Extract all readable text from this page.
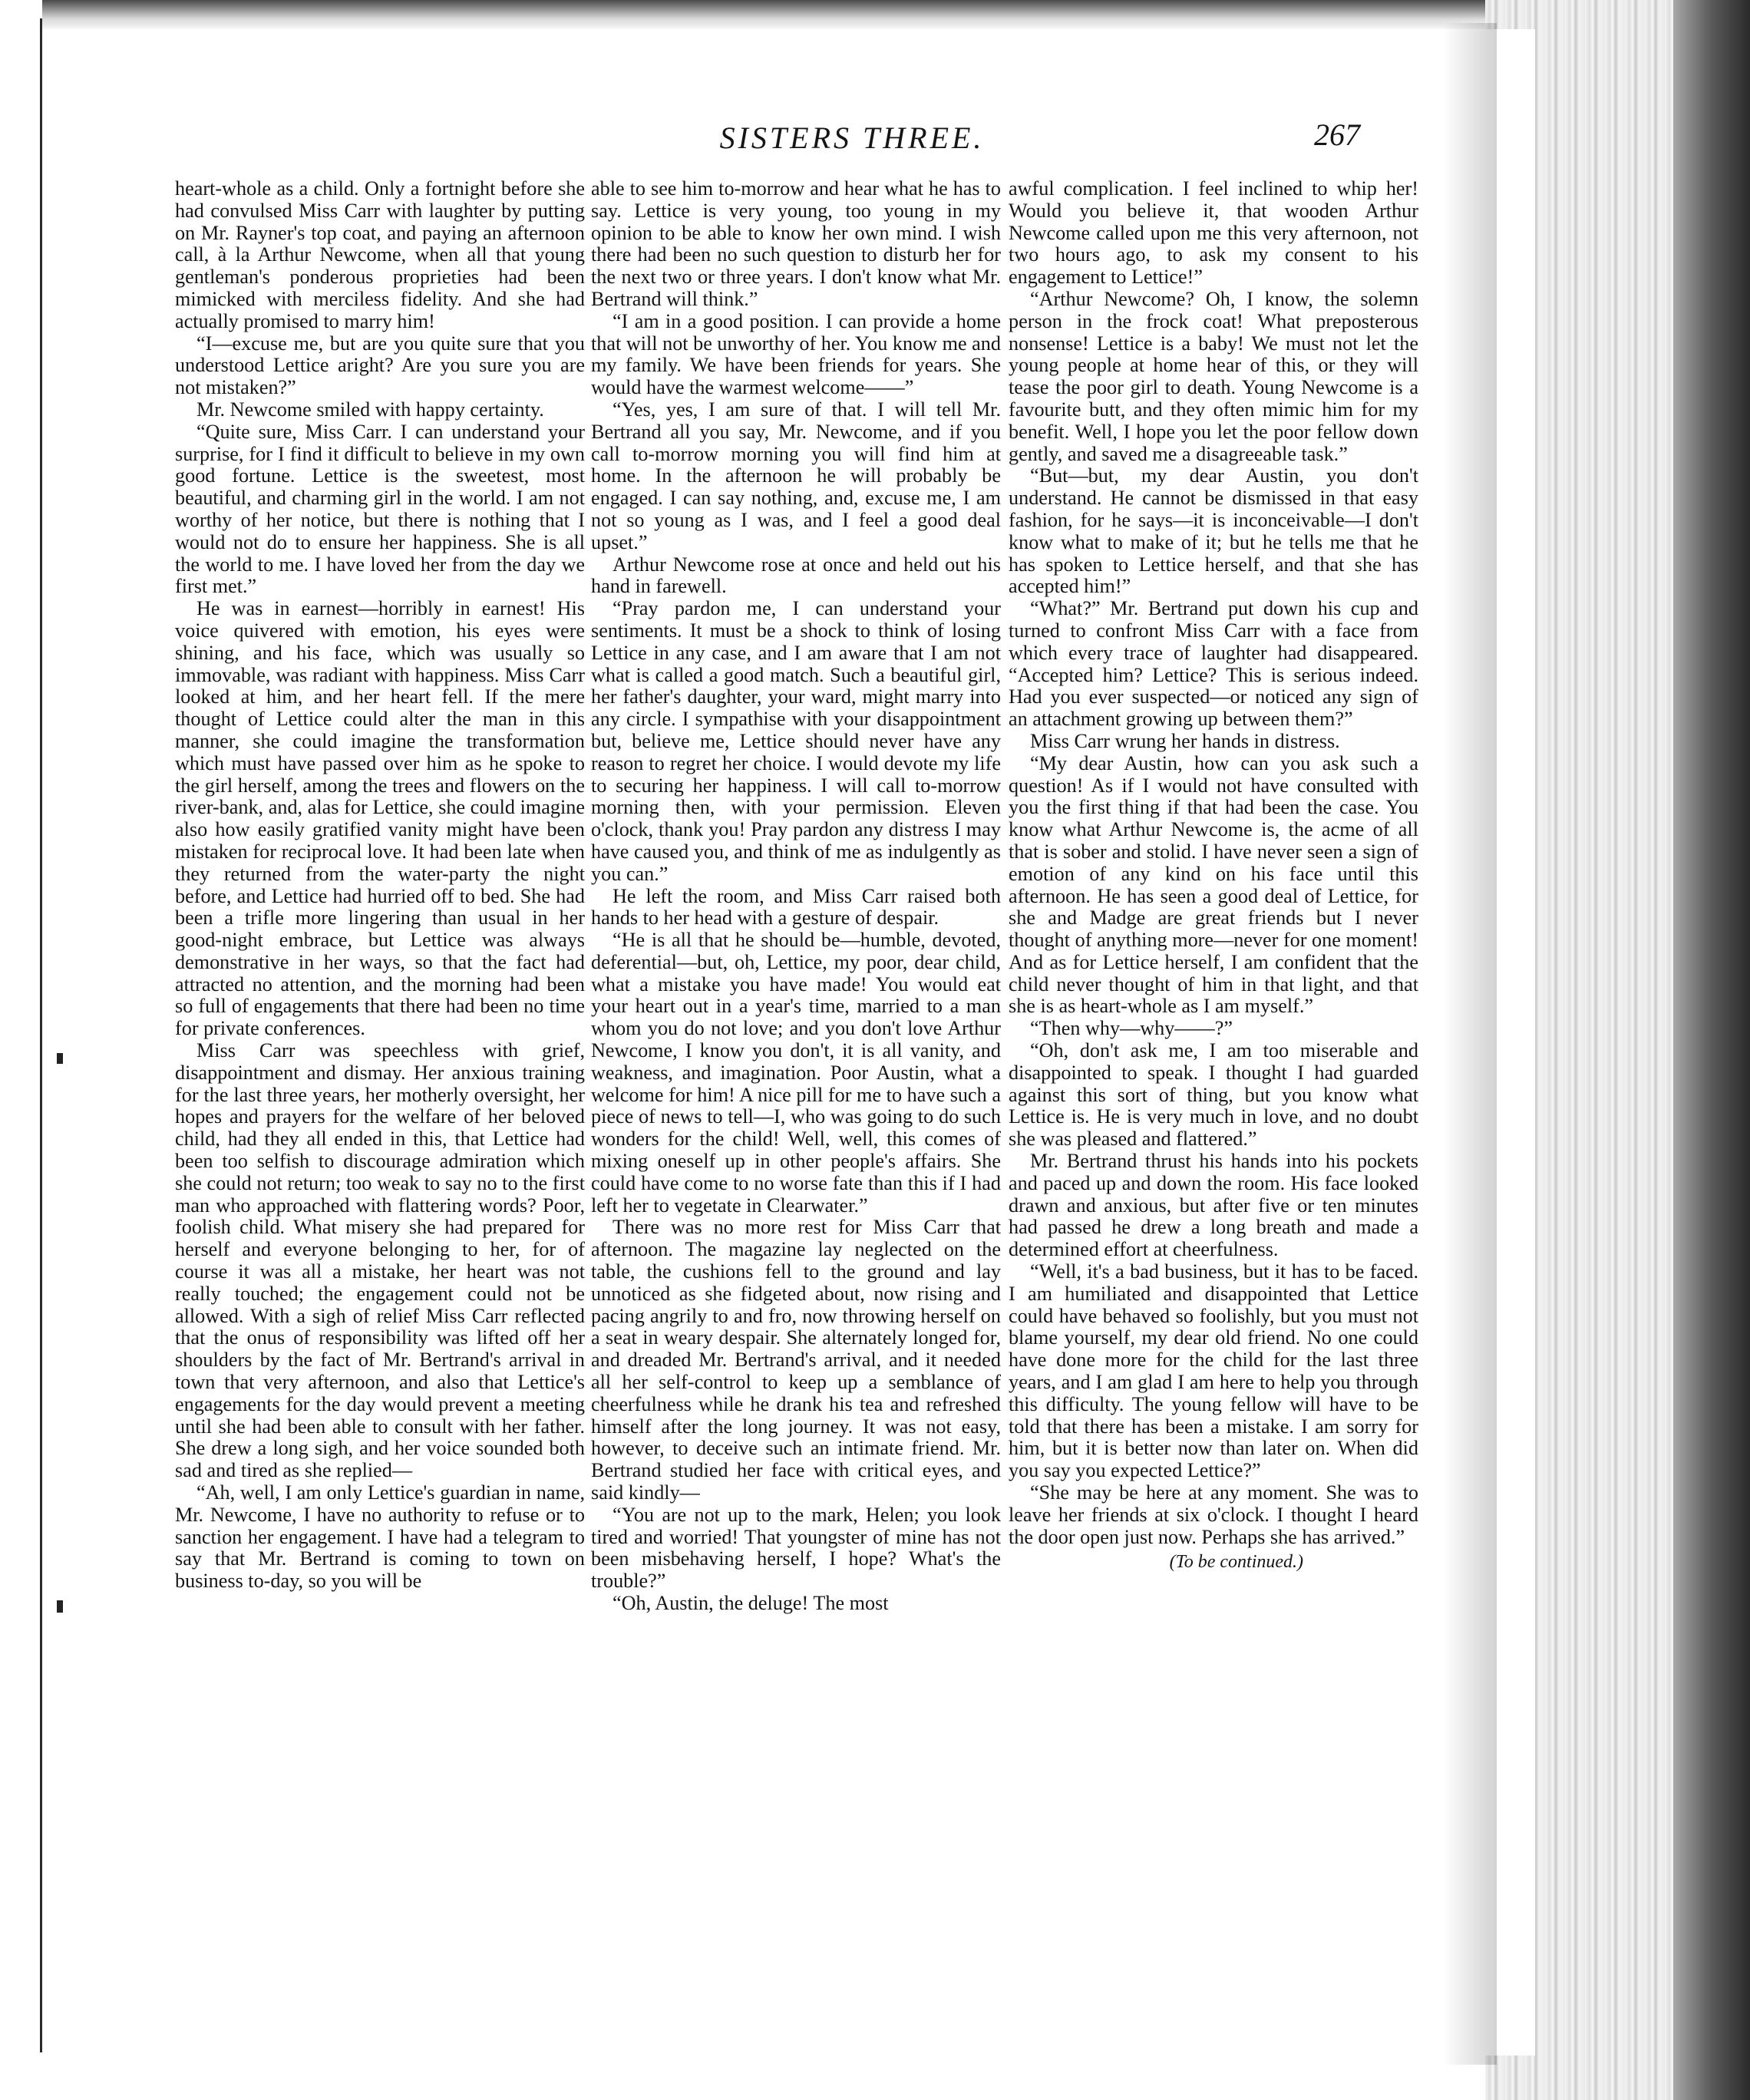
SISTERS THREE.	267

heart-whole as a child. Only a fortnight before she had convulsed Miss Carr with laughter by putting on Mr. Rayner's top coat, and paying an afternoon call, à la Arthur Newcome, when all that young gentleman's ponderous proprieties had been mimicked with merciless fidelity. And she had actually promised to marry him!

“I—excuse me, but are you quite sure that you understood Lettice aright? Are you sure you are not mistaken?”

Mr. Newcome smiled with happy certainty.

“Quite sure, Miss Carr. I can understand your surprise, for I find it difficult to believe in my own good fortune. Lettice is the sweetest, most beautiful, and charming girl in the world. I am not worthy of her notice, but there is nothing that I would not do to ensure her happiness. She is all the world to me. I have loved her from the day we first met.”

He was in earnest—horribly in earnest! His voice quivered with emotion, his eyes were shining, and his face, which was usually so immovable, was radiant with happiness. Miss Carr looked at him, and her heart fell. If the mere thought of Lettice could alter the man in this manner, she could imagine the transformation which must have passed over him as he spoke to the girl herself, among the trees and flowers on the river-bank, and, alas for Lettice, she could imagine also how easily gratified vanity might have been mistaken for reciprocal love. It had been late when they returned from the water-party the night before, and Lettice had hurried off to bed. She had been a trifle more lingering than usual in her good-night embrace, but Lettice was always demonstrative in her ways, so that the fact had attracted no attention, and the morning had been so full of engagements that there had been no time for private conferences.

Miss Carr was speechless with grief, disappointment and dismay. Her anxious training for the last three years, her motherly oversight, her hopes and prayers for the welfare of her beloved child, had they all ended in this, that Lettice had been too selfish to discourage admiration which she could not return; too weak to say no to the first man who approached with flattering words? Poor, foolish child. What misery she had prepared for herself and everyone belonging to her, for of course it was all a mistake, her heart was not really touched; the engagement could not be allowed. With a sigh of relief Miss Carr reflected that the onus of responsibility was lifted off her shoulders by the fact of Mr. Bertrand's arrival in town that very afternoon, and also that Lettice's engagements for the day would prevent a meeting until she had been able to consult with her father. She drew a long sigh, and her voice sounded both sad and tired as she replied—

“Ah, well, I am only Lettice's guardian in name, Mr. Newcome, I have no authority to refuse or to sanction her engagement. I have had a telegram to say that Mr. Bertrand is coming to town on business to-day, so you will be

able to see him to-morrow and hear what he has to say. Lettice is very young, too young in my opinion to be able to know her own mind. I wish there had been no such question to disturb her for the next two or three years. I don't know what Mr. Bertrand will think.”

“I am in a good position. I can provide a home that will not be unworthy of her. You know me and my family. We have been friends for years. She would have the warmest welcome——”

“Yes, yes, I am sure of that. I will tell Mr. Bertrand all you say, Mr. Newcome, and if you call to-morrow morning you will find him at home. In the afternoon he will probably be engaged. I can say nothing, and, excuse me, I am not so young as I was, and I feel a good deal upset.”

Arthur Newcome rose at once and held out his hand in farewell.

“Pray pardon me, I can understand your sentiments. It must be a shock to think of losing Lettice in any case, and I am aware that I am not what is called a good match. Such a beautiful girl, her father's daughter, your ward, might marry into any circle. I sympathise with your disappointment but, believe me, Lettice should never have any reason to regret her choice. I would devote my life to securing her happiness. I will call to-morrow morning then, with your permission. Eleven o'clock, thank you! Pray pardon any distress I may have caused you, and think of me as indulgently as you can.”

He left the room, and Miss Carr raised both hands to her head with a gesture of despair.

“He is all that he should be—humble, devoted, deferential—but, oh, Lettice, my poor, dear child, what a mistake you have made! You would eat your heart out in a year's time, married to a man whom you do not love; and you don't love Arthur Newcome, I know you don't, it is all vanity, and weakness, and imagination. Poor Austin, what a welcome for him! A nice pill for me to have such a piece of news to tell—I, who was going to do such wonders for the child! Well, well, this comes of mixing oneself up in other people's affairs. She could have come to no worse fate than this if I had left her to vegetate in Clearwater.”

There was no more rest for Miss Carr that afternoon. The magazine lay neglected on the table, the cushions fell to the ground and lay unnoticed as she fidgeted about, now rising and pacing angrily to and fro, now throwing herself on a seat in weary despair. She alternately longed for, and dreaded Mr. Bertrand's arrival, and it needed all her self-control to keep up a semblance of cheerfulness while he drank his tea and refreshed himself after the long journey. It was not easy, however, to deceive such an intimate friend. Mr. Bertrand studied her face with critical eyes, and said kindly—

“You are not up to the mark, Helen; you look tired and worried! That youngster of mine has not been misbehaving herself, I hope? What's the trouble?”

“Oh, Austin, the deluge! The most

awful complication. I feel inclined to whip her! Would you believe it, that wooden Arthur Newcome called upon me this very afternoon, not two hours ago, to ask my consent to his engagement to Lettice!”

“Arthur Newcome? Oh, I know, the solemn person in the frock coat! What preposterous nonsense! Lettice is a baby! We must not let the young people at home hear of this, or they will tease the poor girl to death. Young Newcome is a favourite butt, and they often mimic him for my benefit. Well, I hope you let the poor fellow down gently, and saved me a disagreeable task.”

“But—but, my dear Austin, you don't understand. He cannot be dismissed in that easy fashion, for he says—it is inconceivable—I don't know what to make of it; but he tells me that he has spoken to Lettice herself, and that she has accepted him!”

“What?” Mr. Bertrand put down his cup and turned to confront Miss Carr with a face from which every trace of laughter had disappeared. “Accepted him? Lettice? This is serious indeed. Had you ever suspected—or noticed any sign of an attachment growing up between them?”

Miss Carr wrung her hands in distress.

“My dear Austin, how can you ask such a question! As if I would not have consulted with you the first thing if that had been the case. You know what Arthur Newcome is, the acme of all that is sober and stolid. I have never seen a sign of emotion of any kind on his face until this afternoon. He has seen a good deal of Lettice, for she and Madge are great friends but I never thought of anything more—never for one moment! And as for Lettice herself, I am confident that the child never thought of him in that light, and that she is as heart-whole as I am myself.”

“Then why—why——?”

“Oh, don't ask me, I am too miserable and disappointed to speak. I thought I had guarded against this sort of thing, but you know what Lettice is. He is very much in love, and no doubt she was pleased and flattered.”

Mr. Bertrand thrust his hands into his pockets and paced up and down the room. His face looked drawn and anxious, but after five or ten minutes had passed he drew a long breath and made a determined effort at cheerfulness.

“Well, it's a bad business, but it has to be faced. I am humiliated and disappointed that Lettice could have behaved so foolishly, but you must not blame yourself, my dear old friend. No one could have done more for the child for the last three years, and I am glad I am here to help you through this difficulty. The young fellow will have to be told that there has been a mistake. I am sorry for him, but it is better now than later on. When did you say you expected Lettice?”

“She may be here at any moment. She was to leave her friends at six o'clock. I thought I heard the door open just now. Perhaps she has arrived.”

(To be continued.)
